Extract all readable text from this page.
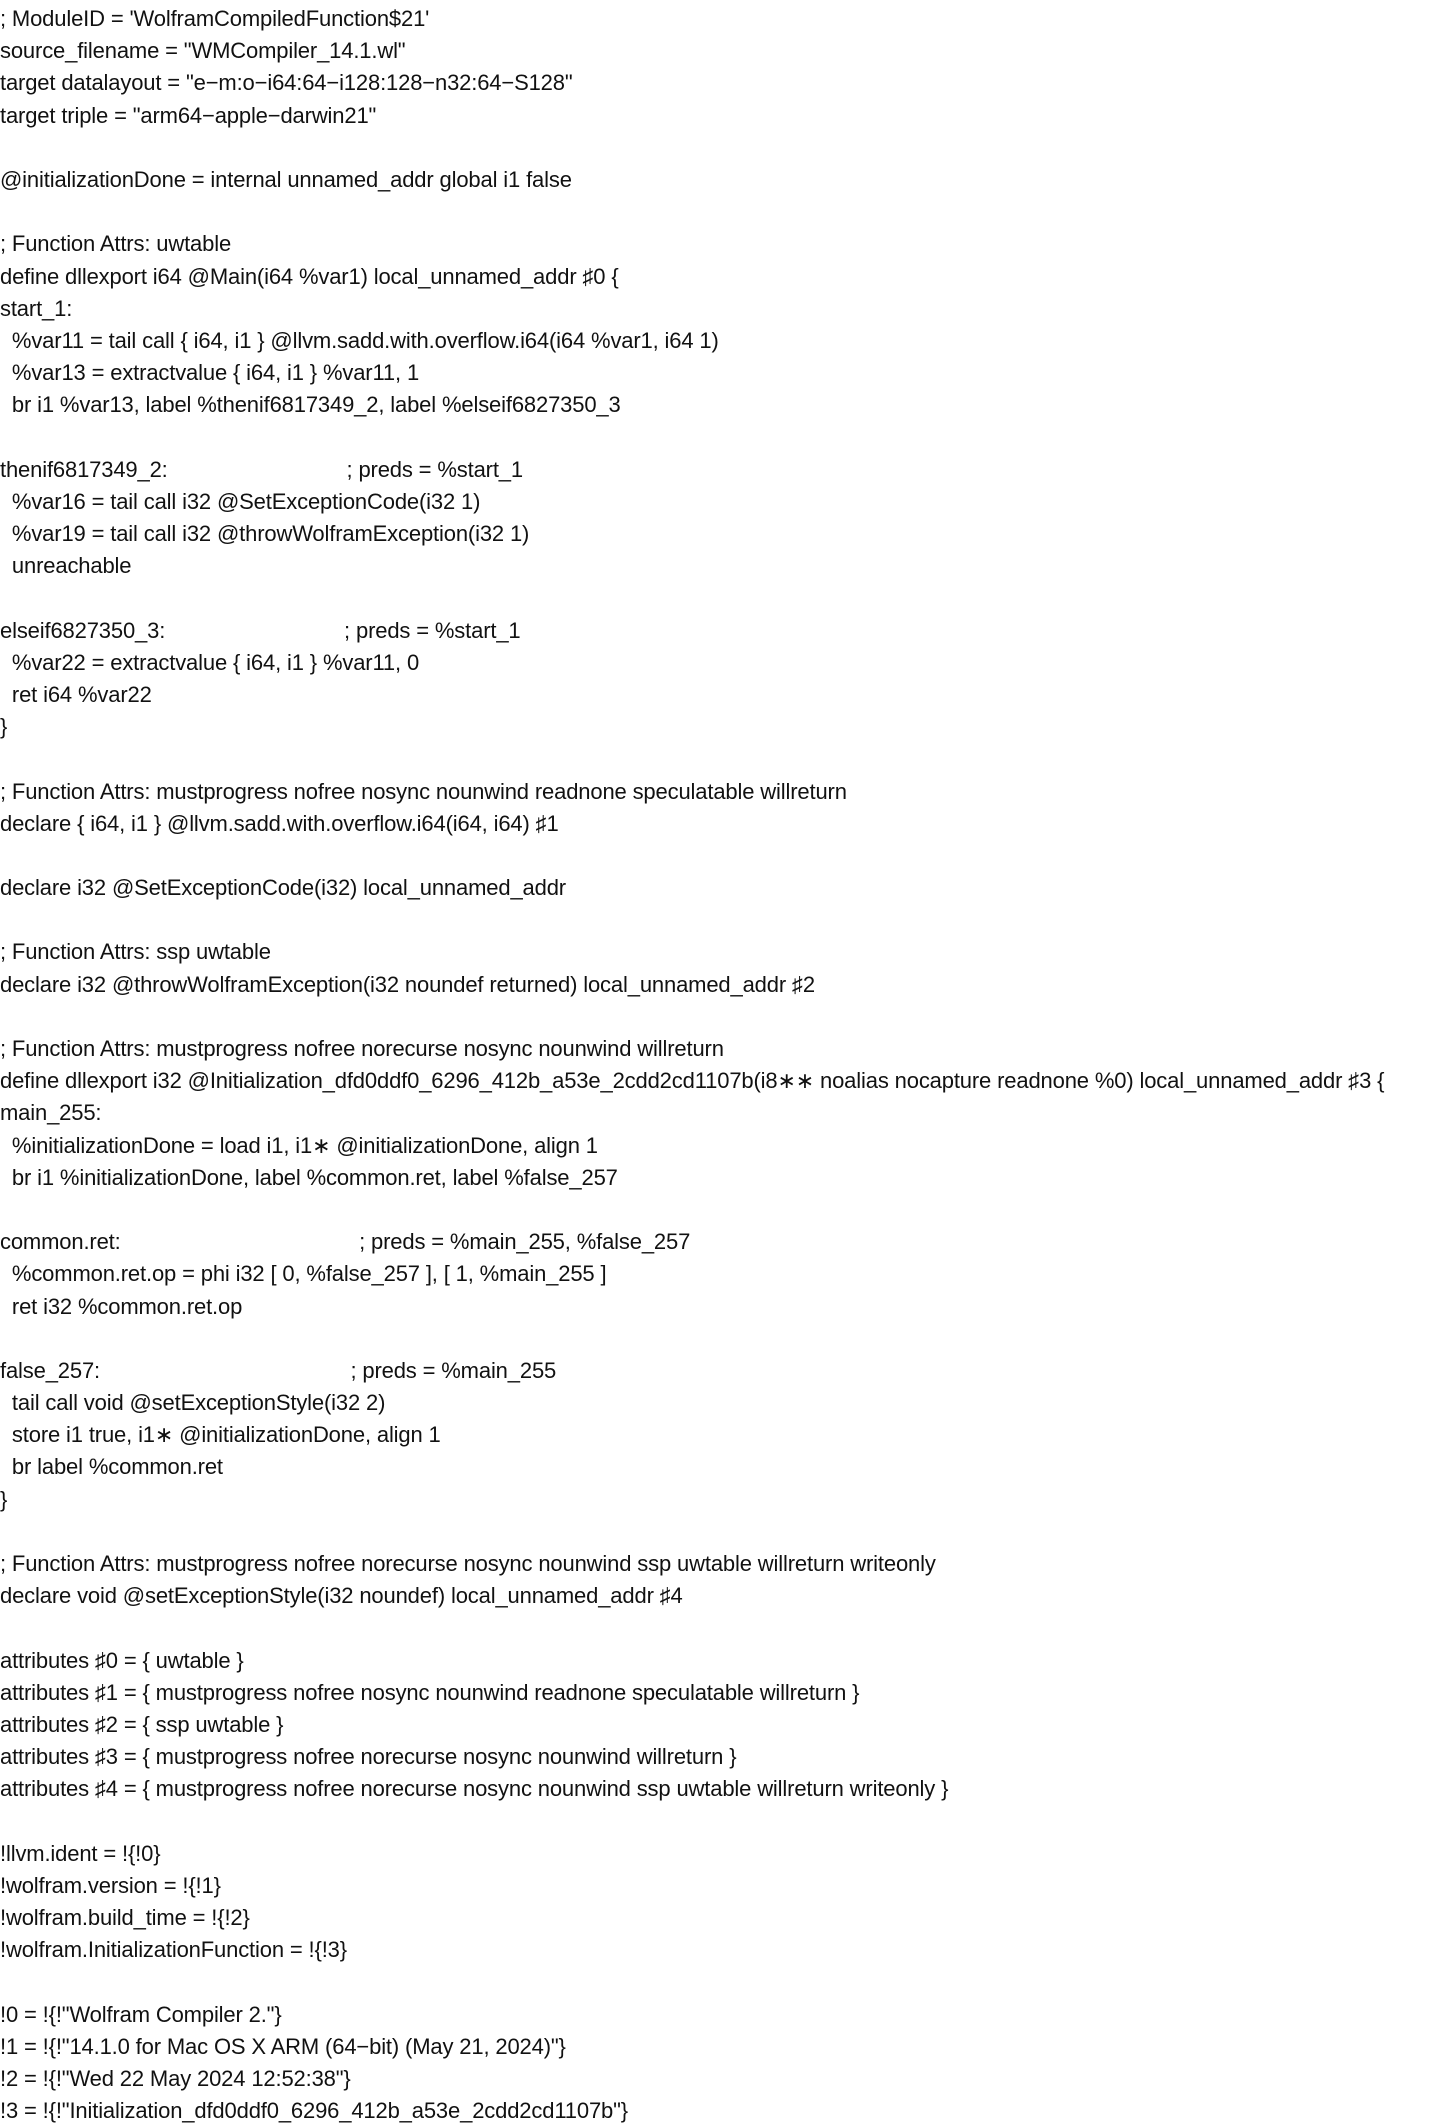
; ModuleID = 'WolframCompiledFunction$21'
source_filename = "WMCompiler_14.1.wl"
target datalayout = "e−m:o−i64:64−i128:128−n32:64−S128"
target triple = "arm64−apple−darwin21"
@initializationDone = internal unnamed_addr global i1 false
; Function Attrs: uwtable
define dllexport i64 @Main(i64 %var1) local_unnamed_addr ♯0 {
start_1:
%var11 = tail call { i64, i1 } @llvm.sadd.with.overflow.i64(i64 %var1, i64 1)
%var13 = extractvalue { i64, i1 } %var11, 1
br i1 %var13, label %thenif6817349_2, label %elseif6827350_3
thenif6817349_2:                              ; preds = %start_1
%var16 = tail call i32 @SetExceptionCode(i32 1)
%var19 = tail call i32 @throwWolframException(i32 1)
unreachable
elseif6827350_3:                              ; preds = %start_1
%var22 = extractvalue { i64, i1 } %var11, 0
ret i64 %var22
}
; Function Attrs: mustprogress nofree nosync nounwind readnone speculatable willreturn
declare { i64, i1 } @llvm.sadd.with.overflow.i64(i64, i64) ♯1
declare i32 @SetExceptionCode(i32) local_unnamed_addr
; Function Attrs: ssp uwtable
declare i32 @throwWolframException(i32 noundef returned) local_unnamed_addr ♯2
; Function Attrs: mustprogress nofree norecurse nosync nounwind willreturn
define dllexport i32 @Initialization_dfd0ddf0_6296_412b_a53e_2cdd2cd1107b(i8∗∗ noalias nocapture readnone %0) local_unnamed_addr ♯3 {
main_255:
%initializationDone = load i1, i1∗ @initializationDone, align 1
br i1 %initializationDone, label %common.ret, label %false_257
common.ret:                                        ; preds = %main_255, %false_257
%common.ret.op = phi i32 [ 0, %false_257 ], [ 1, %main_255 ]
ret i32 %common.ret.op
false_257:                                          ; preds = %main_255
tail call void @setExceptionStyle(i32 2)
store i1 true, i1∗ @initializationDone, align 1
br label %common.ret
}
; Function Attrs: mustprogress nofree norecurse nosync nounwind ssp uwtable willreturn writeonly
declare void @setExceptionStyle(i32 noundef) local_unnamed_addr ♯4
attributes ♯0 = { uwtable }
attributes ♯1 = { mustprogress nofree nosync nounwind readnone speculatable willreturn }
attributes ♯2 = { ssp uwtable }
attributes ♯3 = { mustprogress nofree norecurse nosync nounwind willreturn }
attributes ♯4 = { mustprogress nofree norecurse nosync nounwind ssp uwtable willreturn writeonly }
!llvm.ident = !{!0}
!wolfram.version = !{!1}
!wolfram.build_time = !{!2}
!wolfram.InitializationFunction = !{!3}
!0 = !{!"Wolfram Compiler 2."}
!1 = !{!"14.1.0 for Mac OS X ARM (64−bit) (May 21, 2024)"}
!2 = !{!"Wed 22 May 2024 12:52:38"}
!3 = !{!"Initialization_dfd0ddf0_6296_412b_a53e_2cdd2cd1107b"}
